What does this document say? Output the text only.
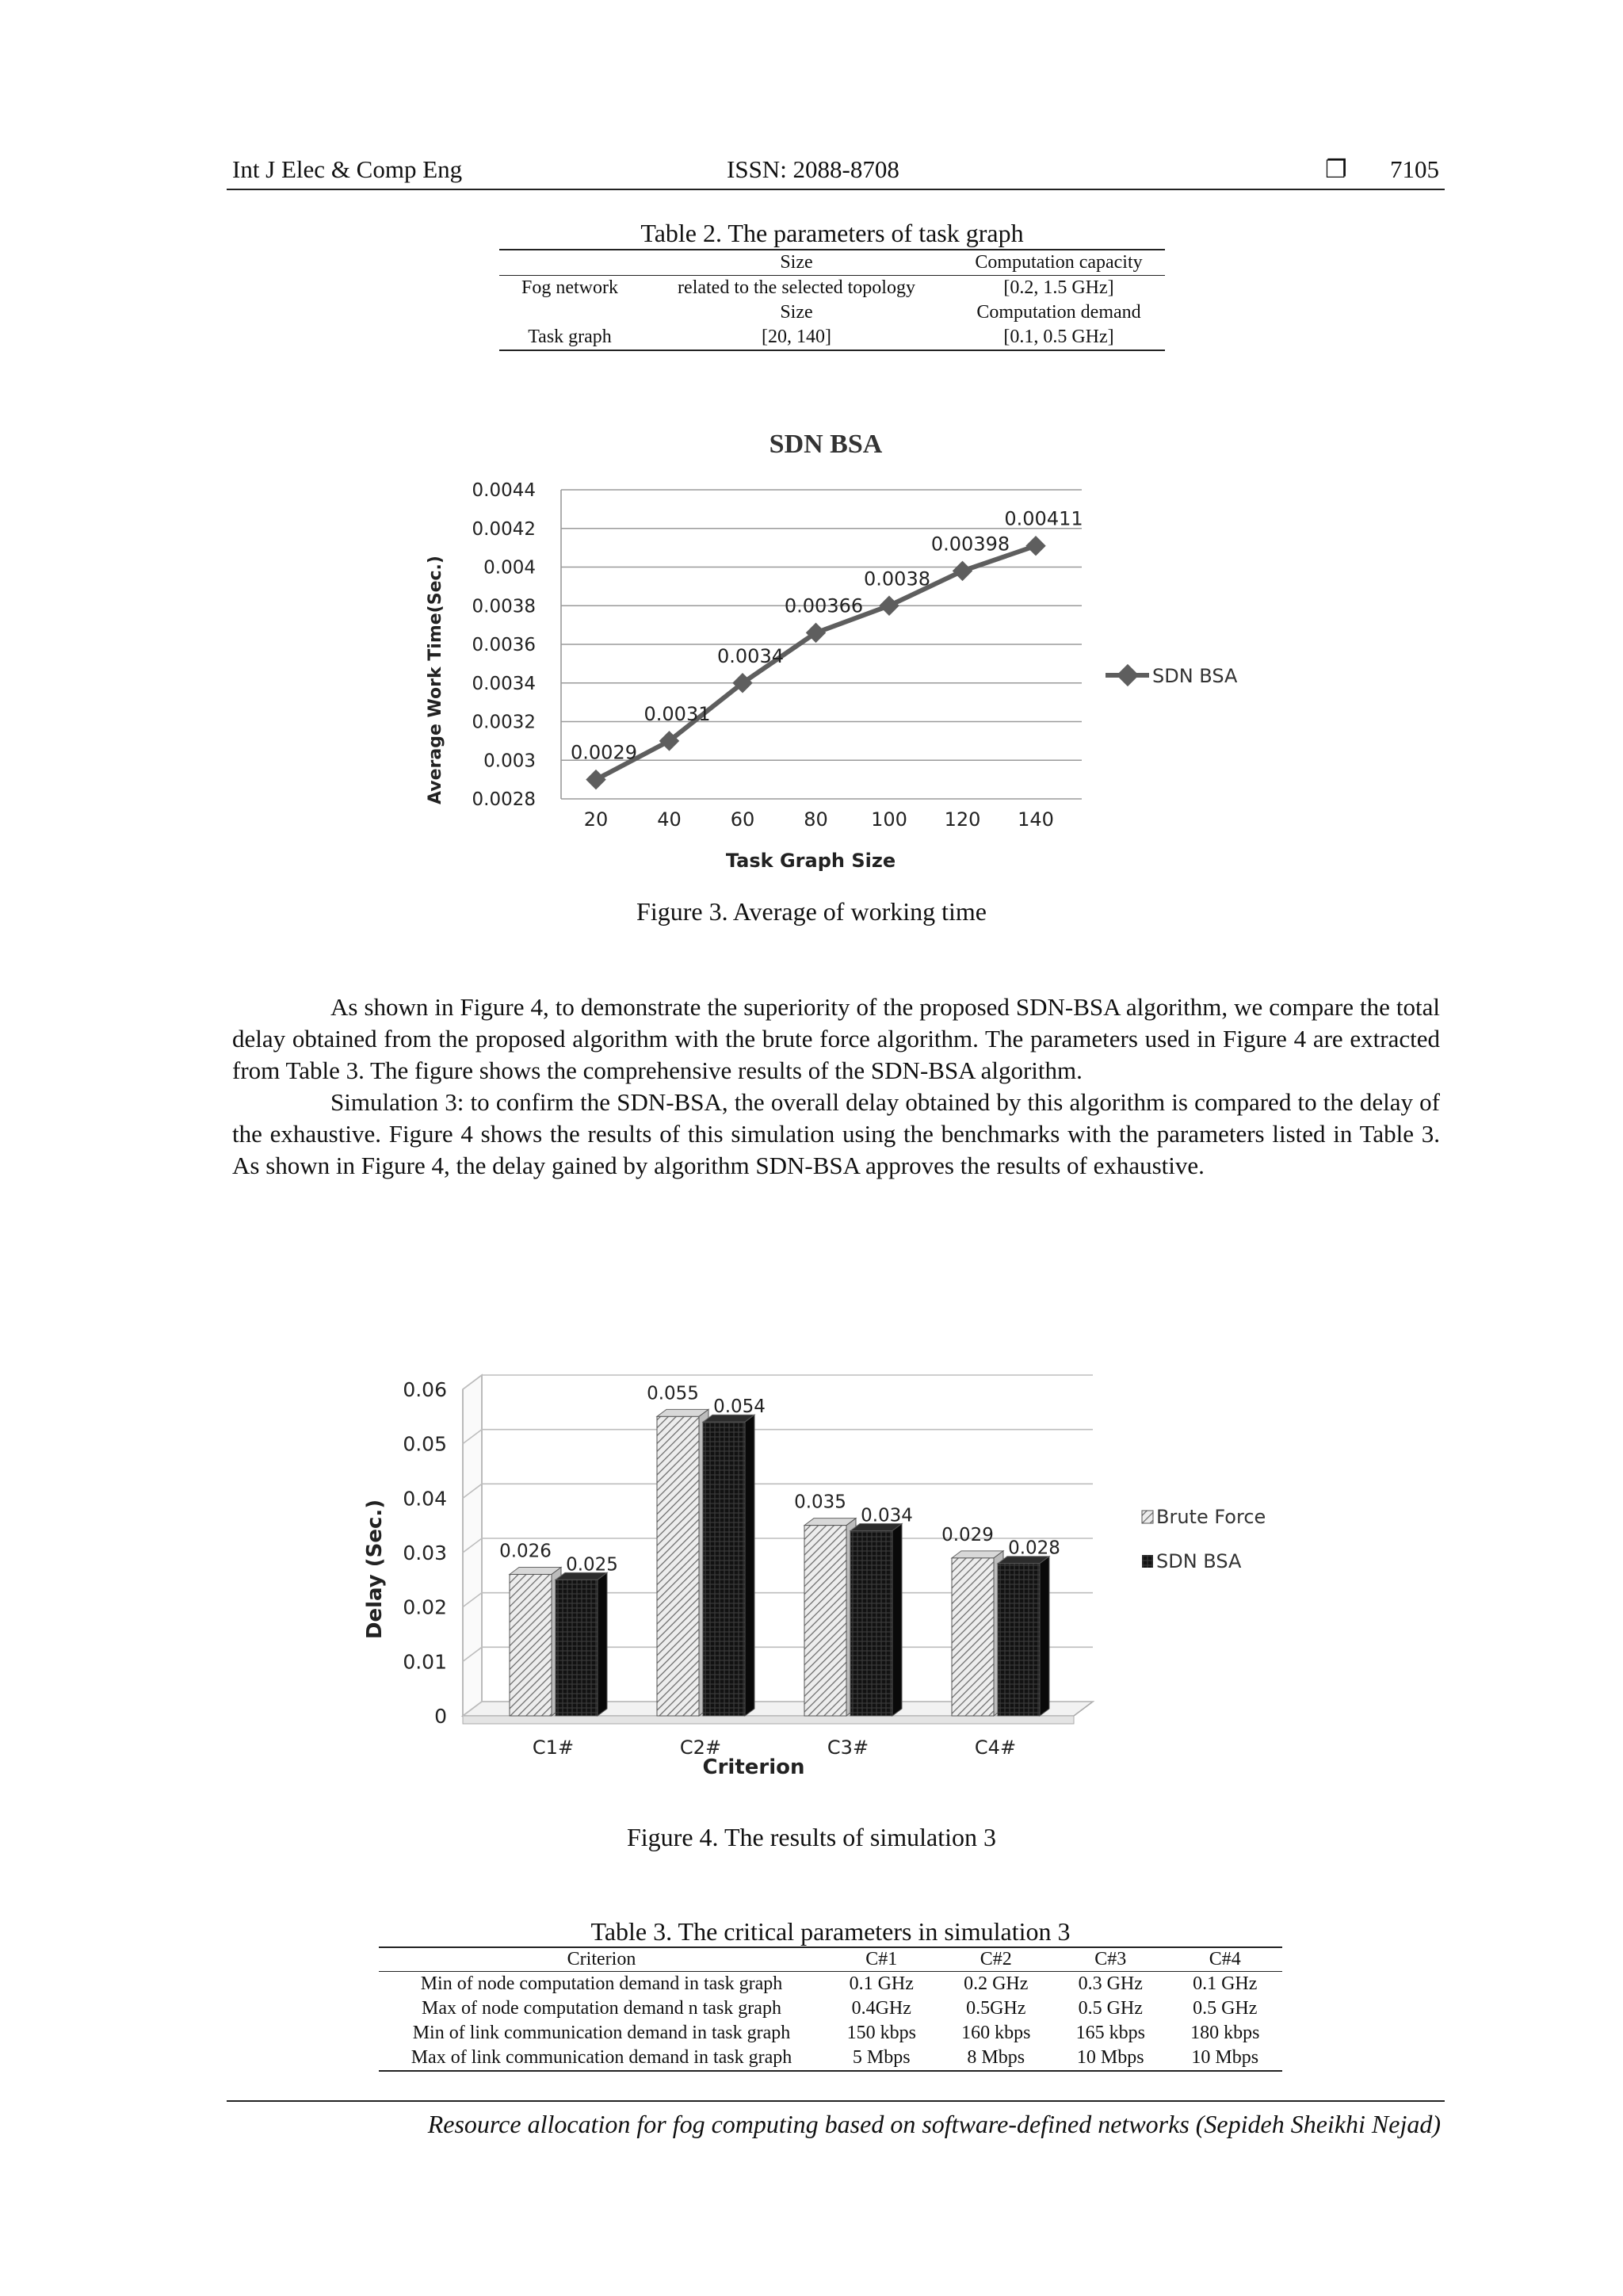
Int J Elec & Comp Eng	ISSN: 2088-8708	❐ 7105
Table 2. The parameters of task graph
	Size	Computation capacity
Fog network	related to the selected topology	[0.2, 1.5 GHz]
	Size	Computation demand
Task graph	[20, 140]	[0.1, 0.5 GHz]
SDN BSA
0.0028
0.003
0.0032
0.0034
0.0036
0.0038
0.004
0.0042
0.0044
20	40	60	80 100 120 140
0.0029
0.0031
0.0034
0.00366
0.0038
0.00398
0.00411
Average Work Time(Sec.)
Task Graph Size
SDN BSA
Figure 3. Average of working time

As shown in Figure 4, to demonstrate the superiority of the proposed SDN-BSA algorithm, we compare the total delay obtained from the proposed algorithm with the brute force algorithm. The parameters used in Figure 4 are extracted from Table 3. The figure shows the comprehensive results of the SDN-BSA algorithm.

Simulation 3: to confirm the SDN-BSA, the overall delay obtained by this algorithm is compared to the delay of the exhaustive. Figure 4 shows the results of this simulation using the benchmarks with the parameters listed in Table 3. As shown in Figure 4, the delay gained by algorithm SDN-BSA approves the results of exhaustive.

0
0.01
0.02
0.03
0.04
0.05
0.06
0.026
0.025
0.055
0.054
0.035
0.034
0.029
0.028
C1#	C2#	C3#	C4#
Delay (Sec.)
Criterion
Brute Force
SDN BSA
Figure 4. The results of simulation 3
Table 3. The critical parameters in simulation 3
Criterion	C#1	C#2	C#3	C#4
Min of node computation demand in task graph	0.1 GHz	0.2 GHz	0.3 GHz	0.1 GHz
Max of node computation demand n task graph	0.4GHz	0.5GHz	0.5 GHz	0.5 GHz
Min of link communication demand in task graph	150 kbps	160 kbps	165 kbps	180 kbps
Max of link communication demand in task graph	5 Mbps	8 Mbps	10 Mbps	10 Mbps
Resource allocation for fog computing based on software-defined networks (Sepideh Sheikhi Nejad)
